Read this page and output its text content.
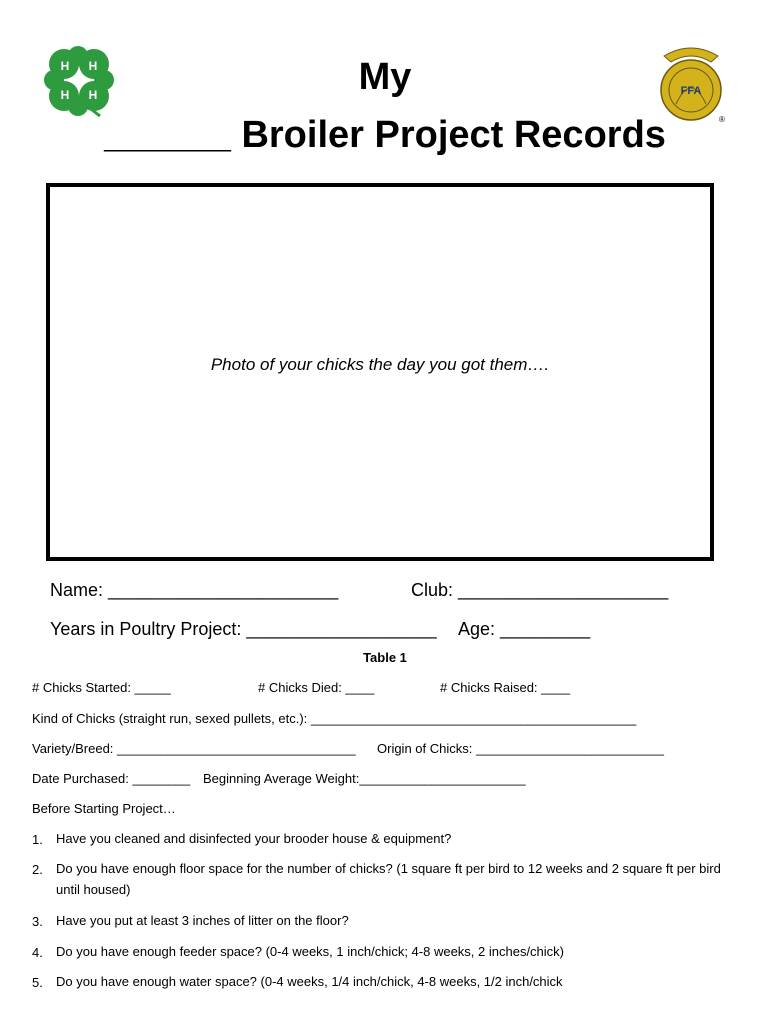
H H
H
H	FFA
®
My
______ Broiler Project Records
Photo of your chicks the day you got them….
Name: _______________________	Club: _____________________
Years in Poultry Project: ___________________ Age: _________
Table 1
# Chicks Started: _____	# Chicks Died: ____	# Chicks Raised: ____
Kind of Chicks (straight run, sexed pullets, etc.): _____________________________________________
Variety/Breed: _________________________________ Origin of Chicks: __________________________
Date Purchased: ________ Beginning Average Weight:_______________________
Before Starting Project…
1. Have you cleaned and disinfected your brooder house & equipment?
2. Do you have enough floor space for the number of chicks? (1 square ft per bird to 12 weeks and 2 square ft per bird until housed)
3. Have you put at least 3 inches of litter on the floor?
4. Do you have enough feeder space? (0-4 weeks, 1 inch/chick; 4-8 weeks, 2 inches/chick)
5. Do you have enough water space? (0-4 weeks, 1/4 inch/chick, 4-8 weeks, 1/2 inch/chick
